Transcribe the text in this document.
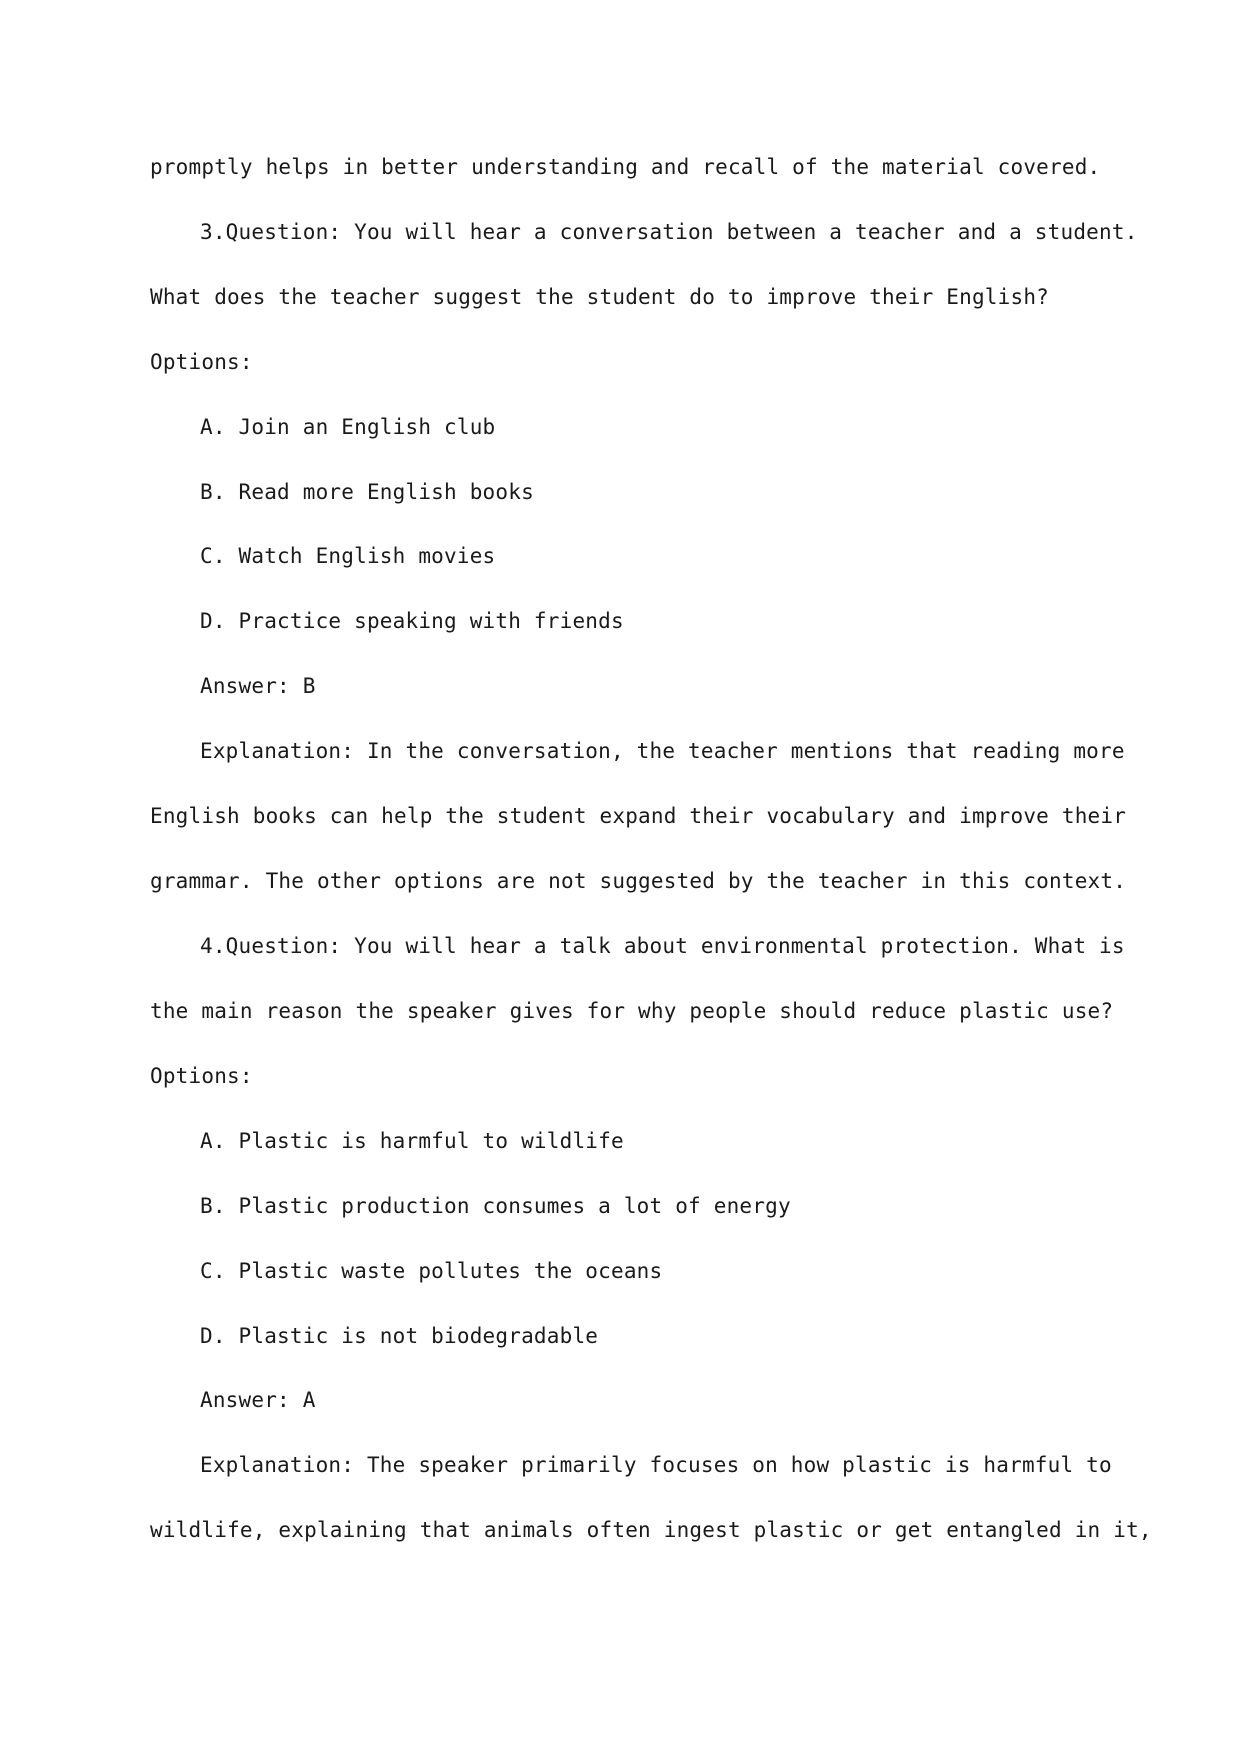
promptly helps in better understanding and recall of the material covered.
3.Question: You will hear a conversation between a teacher and a student.
What does the teacher suggest the student do to improve their English?
Options:
A. Join an English club
B. Read more English books
C. Watch English movies
D. Practice speaking with friends
Answer: B
Explanation: In the conversation, the teacher mentions that reading more
English books can help the student expand their vocabulary and improve their
grammar. The other options are not suggested by the teacher in this context.
4.Question: You will hear a talk about environmental protection. What is
the main reason the speaker gives for why people should reduce plastic use?
Options:
A. Plastic is harmful to wildlife
B. Plastic production consumes a lot of energy
C. Plastic waste pollutes the oceans
D. Plastic is not biodegradable
Answer: A
Explanation: The speaker primarily focuses on how plastic is harmful to
wildlife, explaining that animals often ingest plastic or get entangled in it,
